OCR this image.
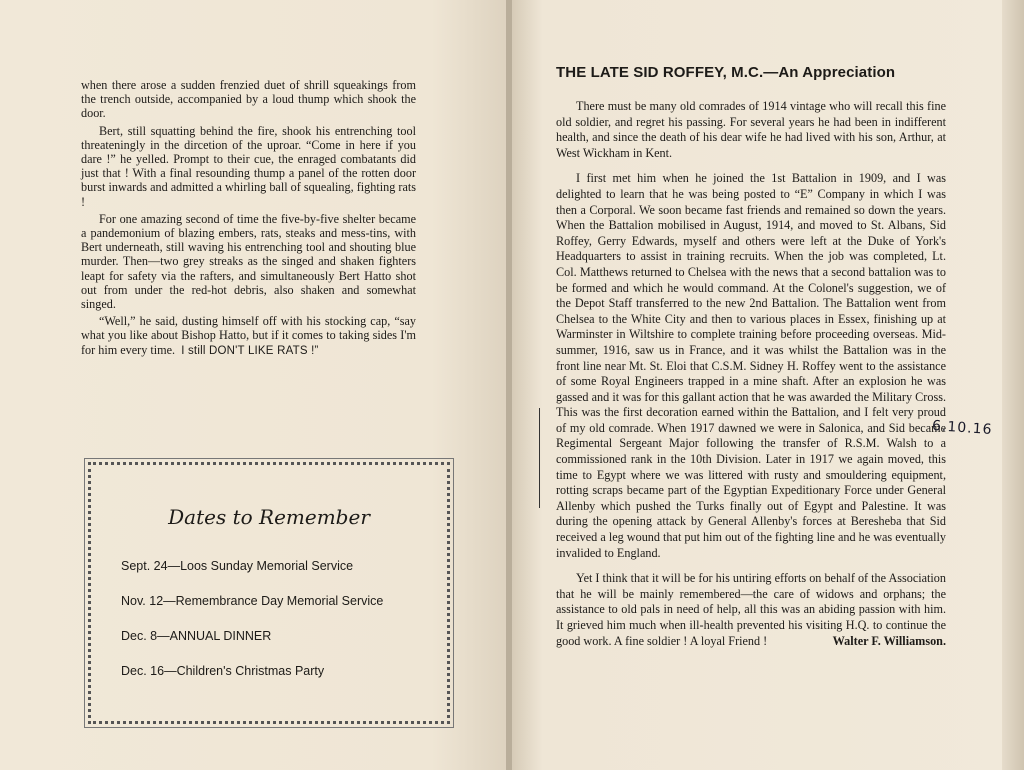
when there arose a sudden frenzied duet of shrill squeakings from the trench outside, accompanied by a loud thump which shook the door.

Bert, still squatting behind the fire, shook his entrenching tool threateningly in the dircetion of the uproar. “Come in here if you dare !” he yelled. Prompt to their cue, the enraged combatants did just that ! With a final resounding thump a panel of the rotten door burst inwards and admitted a whirling ball of squealing, fighting rats !

For one amazing second of time the five-by-five shelter became a pandemonium of blazing embers, rats, steaks and mess-tins, with Bert underneath, still waving his entrenching tool and shouting blue murder. Then—two grey streaks as the singed and shaken fighters leapt for safety via the rafters, and simultaneously Bert Hatto shot out from under the red-hot debris, also shaken and somewhat singed.

“Well,” he said, dusting himself off with his stocking cap, “say what you like about Bishop Hatto, but if it comes to taking sides I'm for him every time. I still DON'T LIKE RATS !”

Dates to Remember
Sept. 24—Loos Sunday Memorial Service
Nov. 12—Remembrance Day Memorial Service
Dec. 8—ANNUAL DINNER
Dec. 16—Children's Christmas Party
THE LATE SID ROFFEY, M.C.—An Appreciation

There must be many old comrades of 1914 vintage who will recall this fine old soldier, and regret his passing. For several years he had been in indifferent health, and since the death of his dear wife he had lived with his son, Arthur, at West Wickham in Kent.

I first met him when he joined the 1st Battalion in 1909, and I was delighted to learn that he was being posted to “E” Company in which I was then a Corporal. We soon became fast friends and remained so down the years. When the Battalion mobilised in August, 1914, and moved to St. Albans, Sid Roffey, Gerry Edwards, myself and others were left at the Duke of York's Headquarters to assist in training recruits. When the job was completed, Lt. Col. Matthews returned to Chelsea with the news that a second battalion was to be formed and which he would command. At the Colonel's suggestion, we of the Depot Staff transferred to the new 2nd Battalion. The Battalion went from Chelsea to the White City and then to various places in Essex, finishing up at Warminster in Wiltshire to complete training before proceeding overseas. Mid-summer, 1916, saw us in France, and it was whilst the Battalion was in the front line near Mt. St. Eloi that C.S.M. Sidney H. Roffey went to the assistance of some Royal Engineers trapped in a mine shaft. After an explosion he was gassed and it was for this gallant action that he was awarded the Military Cross. This was the first decoration earned within the Battalion, and I felt very proud of my old comrade. When 1917 dawned we were in Salonica, and Sid became Regimental Sergeant Major following the transfer of R.S.M. Walsh to a commissioned rank in the 10th Division. Later in 1917 we again moved, this time to Egypt where we was littered with rusty and smouldering equipment, rotting scraps became part of the Egyptian Expeditionary Force under General Allenby which pushed the Turks finally out of Egypt and Palestine. It was during the opening attack by General Allenby's forces at Beresheba that Sid received a leg wound that put him out of the fighting line and he was eventually invalided to England.

Yet I think that it will be for his untiring efforts on behalf of the Association that he will be mainly remembered—the care of widows and orphans; the assistance to old pals in need of help, all this was an abiding passion with him. It grieved him much when ill-health prevented his visiting H.Q. to continue the good work. A fine soldier ! A loyal Friend !	Walter F. Williamson.

6.10.16
